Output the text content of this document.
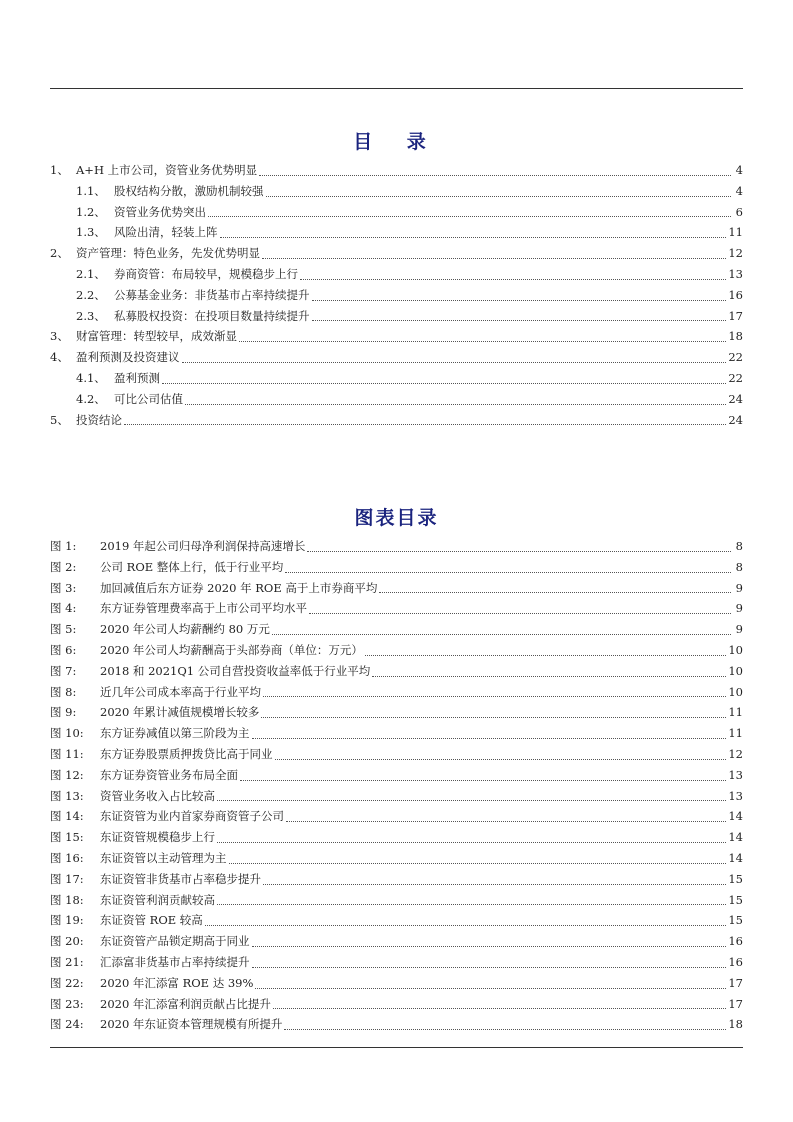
目 录
1、 A+H 上市公司，资管业务优势明显	4
1.1、 股权结构分散，激励机制较强	4
1.2、 资管业务优势突出	6
1.3、 风险出清，轻装上阵	11
2、 资产管理：特色业务，先发优势明显	12
2.1、 券商资管：布局较早，规模稳步上行	13
2.2、 公募基金业务：非货基市占率持续提升	16
2.3、 私募股权投资：在投项目数量持续提升	17
3、 财富管理：转型较早，成效渐显	18
4、 盈利预测及投资建议	22
4.1、 盈利预测	22
4.2、 可比公司估值	24
5、 投资结论	24
图表目录
图 1:	2019 年起公司归母净利润保持高速增长	8
图 2:	公司 ROE 整体上行，低于行业平均	8
图 3:	加回减值后东方证券 2020 年 ROE 高于上市券商平均	9
图 4:	东方证券管理费率高于上市公司平均水平	9
图 5:	2020 年公司人均薪酬约 80 万元	9
图 6:	2020 年公司人均薪酬高于头部券商（单位：万元）	10
图 7:	2018 和 2021Q1 公司自营投资收益率低于行业平均	10
图 8:	近几年公司成本率高于行业平均	10
图 9:	2020 年累计减值规模增长较多	11
图 10:	东方证券减值以第三阶段为主	11
图 11:	东方证券股票质押拨贷比高于同业	12
图 12:	东方证券资管业务布局全面	13
图 13:	资管业务收入占比较高	13
图 14:	东证资管为业内首家券商资管子公司	14
图 15:	东证资管规模稳步上行	14
图 16:	东证资管以主动管理为主	14
图 17:	东证资管非货基市占率稳步提升	15
图 18:	东证资管利润贡献较高	15
图 19:	东证资管 ROE 较高	15
图 20:	东证资管产品锁定期高于同业	16
图 21:	汇添富非货基市占率持续提升	16
图 22:	2020 年汇添富 ROE 达 39%	17
图 23:	2020 年汇添富利润贡献占比提升	17
图 24:	2020 年东证资本管理规模有所提升	18
